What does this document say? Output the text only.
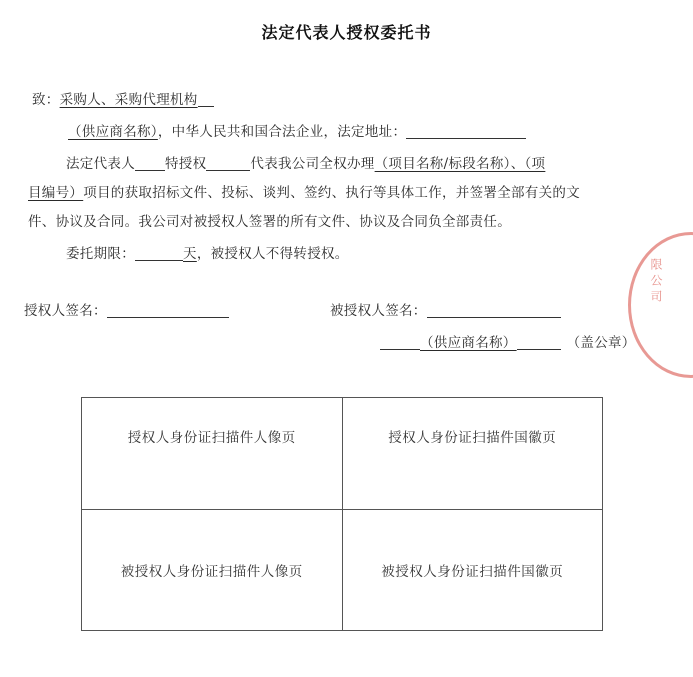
法定代表人授权委托书
致：采购人、采购代理机构
（供应商名称），中华人民共和国合法企业，法定地址：
法定代表人 特授权	代表我公司全权办理（项目名称/标段名称）、（项
目编号）项目的获取招标文件、投标、谈判、签约、执行等具体工作，并签署全部有关的文
件、协议及合同。我公司对被授权人签署的所有文件、协议及合同负全部责任。
委托期限：	天，被授权人不得转授权。
授权人签名：	被授权人签名：
（供应商名称）	（盖公章）
限公司
授权人身份证扫描件人像页	授权人身份证扫描件国徽页
被授权人身份证扫描件人像页	被授权人身份证扫描件国徽页
